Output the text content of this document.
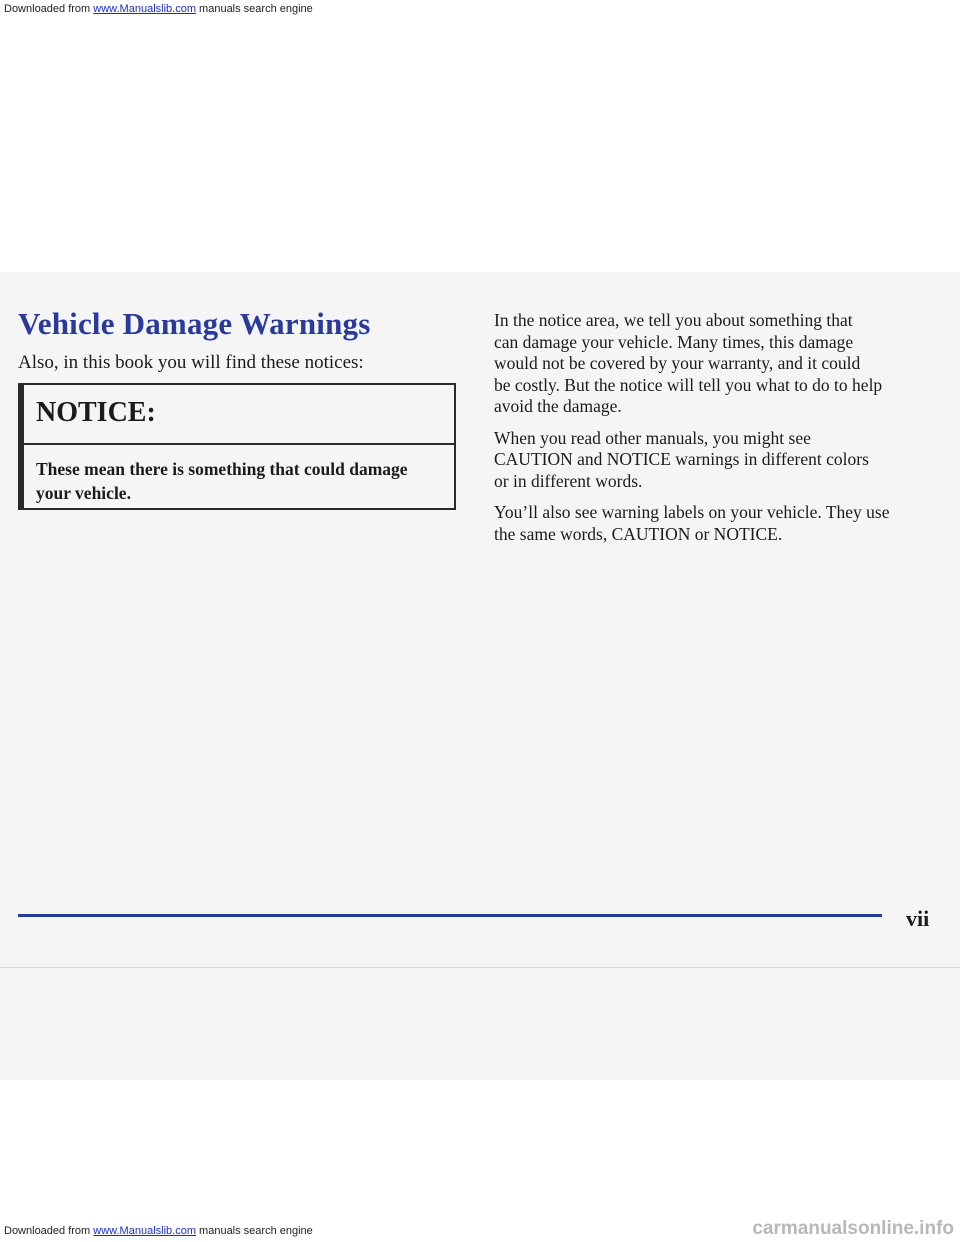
Downloaded from www.Manualslib.com manuals search engine
Vehicle Damage Warnings

Also, in this book you will find these notices:

NOTICE:

These mean there is something that could damage your vehicle.

In the notice area, we tell you about something that
can damage your vehicle. Many times, this damage
would not be covered by your warranty, and it could
be costly. But the notice will tell you what to do to help
avoid the damage.

When you read other manuals, you might see
CAUTION and NOTICE warnings in different colors
or in different words.

You’ll also see warning labels on your vehicle. They use
the same words, CAUTION or NOTICE.

vii

Downloaded from www.Manualslib.com manuals search engine	carmanualsonline.info
